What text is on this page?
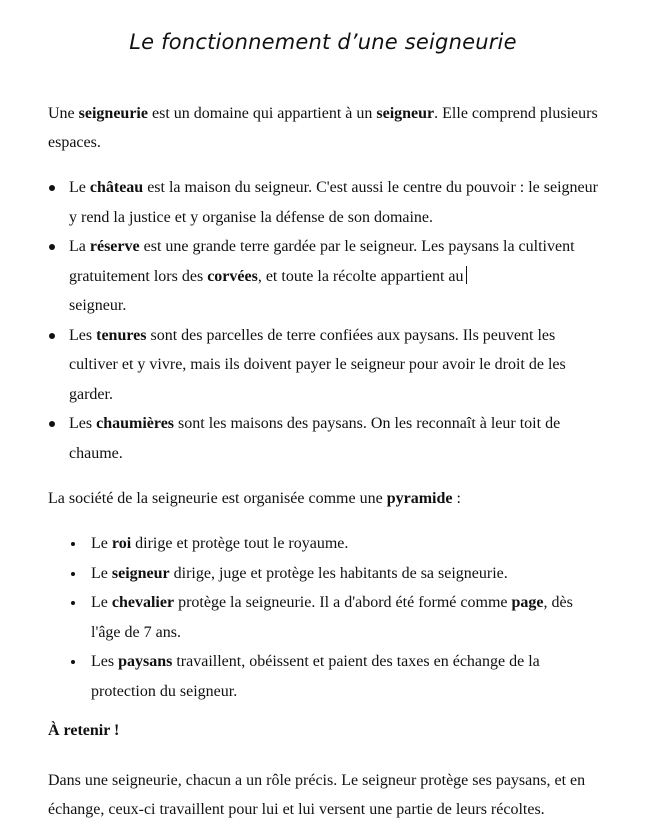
Le fonctionnement d’une seigneurie

Une seigneurie est un domaine qui appartient à un seigneur. Elle comprend plusieurs espaces.

Le château est la maison du seigneur. C'est aussi le centre du pouvoir : le seigneur y rend la justice et y organise la défense de son domaine.
La réserve est une grande terre gardée par le seigneur. Les paysans la cultivent gratuitement lors des corvées, et toute la récolte appartient au
seigneur.
Les tenures sont des parcelles de terre confiées aux paysans. Ils peuvent les cultiver et y vivre, mais ils doivent payer le seigneur pour avoir le droit de les garder.
Les chaumières sont les maisons des paysans. On les reconnaît à leur toit de chaume.

La société de la seigneurie est organisée comme une pyramide :

Le roi dirige et protège tout le royaume.
Le seigneur dirige, juge et protège les habitants de sa seigneurie.
Le chevalier protège la seigneurie. Il a d'abord été formé comme page, dès l'âge de 7 ans.
Les paysans travaillent, obéissent et paient des taxes en échange de la protection du seigneur.

À retenir !

Dans une seigneurie, chacun a un rôle précis. Le seigneur protège ses paysans, et en échange, ceux-ci travaillent pour lui et lui versent une partie de leurs récoltes.
